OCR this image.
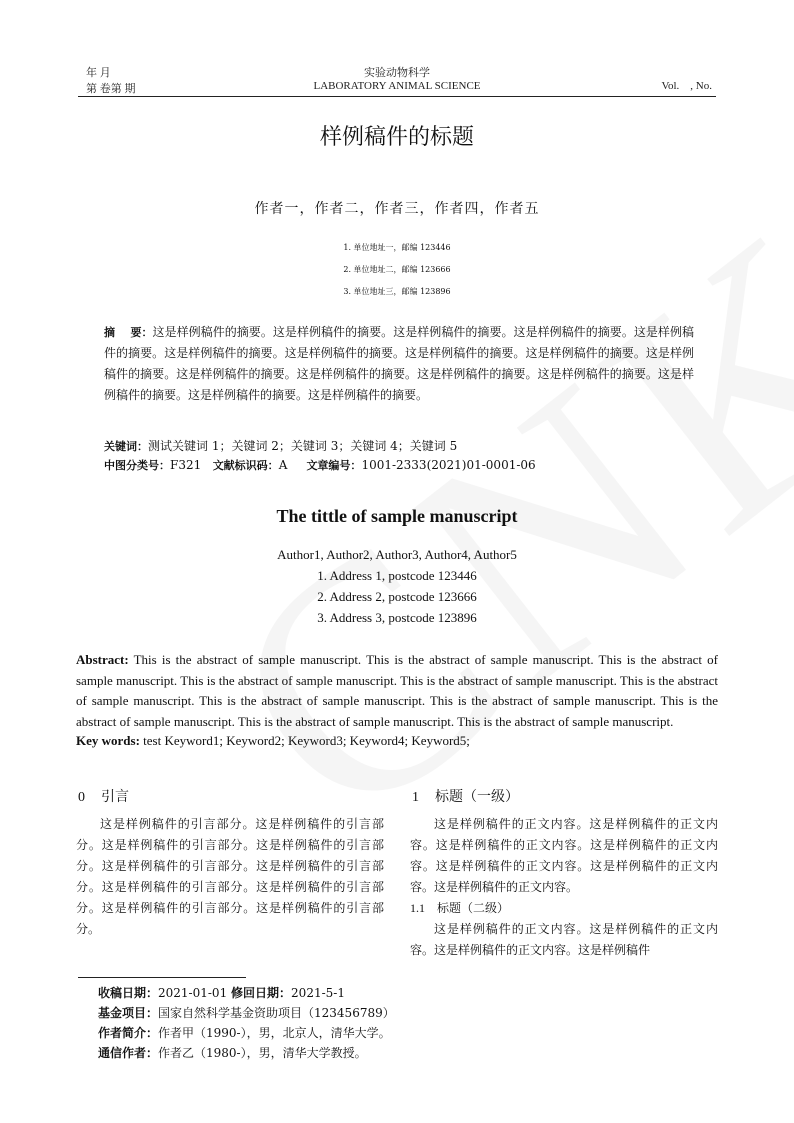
年 月	实验动物科学
第 卷第 期	LABORATORY ANIMAL SCIENCE	Vol.    , No.
样例稿件的标题
作者一，作者二，作者三，作者四，作者五
1. 单位地址一，邮编 123446
2. 单位地址二，邮编 123666
3. 单位地址三，邮编 123896
摘    要：这是样例稿件的摘要。这是样例稿件的摘要。这是样例稿件的摘要。这是样例稿件的摘要。这是样例稿件的摘要。这是样例稿件的摘要。这是样例稿件的摘要。这是样例稿件的摘要。这是样例稿件的摘要。这是样例稿件的摘要。这是样例稿件的摘要。这是样例稿件的摘要。这是样例稿件的摘要。这是样例稿件的摘要。这是样例稿件的摘要。这是样例稿件的摘要。这是样例稿件的摘要。
关键词：测试关键词 1；关键词 2；关键词 3；关键词 4；关键词 5
中图分类号：F321 文献标识码：A 文章编号：1001-2333(2021)01-0001-06
The tittle of sample manuscript
Author1, Author2, Author3, Author4, Author5
1. Address 1, postcode 123446
2. Address 2, postcode 123666
3. Address 3, postcode 123896
Abstract: This is the abstract of sample manuscript. This is the abstract of sample manuscript. This is the abstract of sample manuscript. This is the abstract of sample manuscript. This is the abstract of sample manuscript. This is the abstract of sample manuscript. This is the abstract of sample manuscript. This is the abstract of sample manuscript. This is the abstract of sample manuscript. This is the abstract of sample manuscript. This is the abstract of sample manuscript.
Key words: test Keyword1; Keyword2; Keyword3; Keyword4; Keyword5;
0 引言

这是样例稿件的引言部分。这是样例稿件的引言部分。这是样例稿件的引言部分。这是样例稿件的引言部分。这是样例稿件的引言部分。这是样例稿件的引言部分。这是样例稿件的引言部分。这是样例稿件的引言部分。这是样例稿件的引言部分。这是样例稿件的引言部分。

1 标题（一级）

这是样例稿件的正文内容。这是样例稿件的正文内容。这是样例稿件的正文内容。这是样例稿件的正文内容。这是样例稿件的正文内容。这是样例稿件的正文内容。这是样例稿件的正文内容。

1.1 标题（二级）

这是样例稿件的正文内容。这是样例稿件的正文内容。这是样例稿件的正文内容。这是样例稿件

收稿日期：2021-01-01 修回日期：2021-5-1
基金项目：国家自然科学基金资助项目（123456789）
作者简介：作者甲（1990-），男，北京人，清华大学。
通信作者：作者乙（1980-），男，清华大学教授。
